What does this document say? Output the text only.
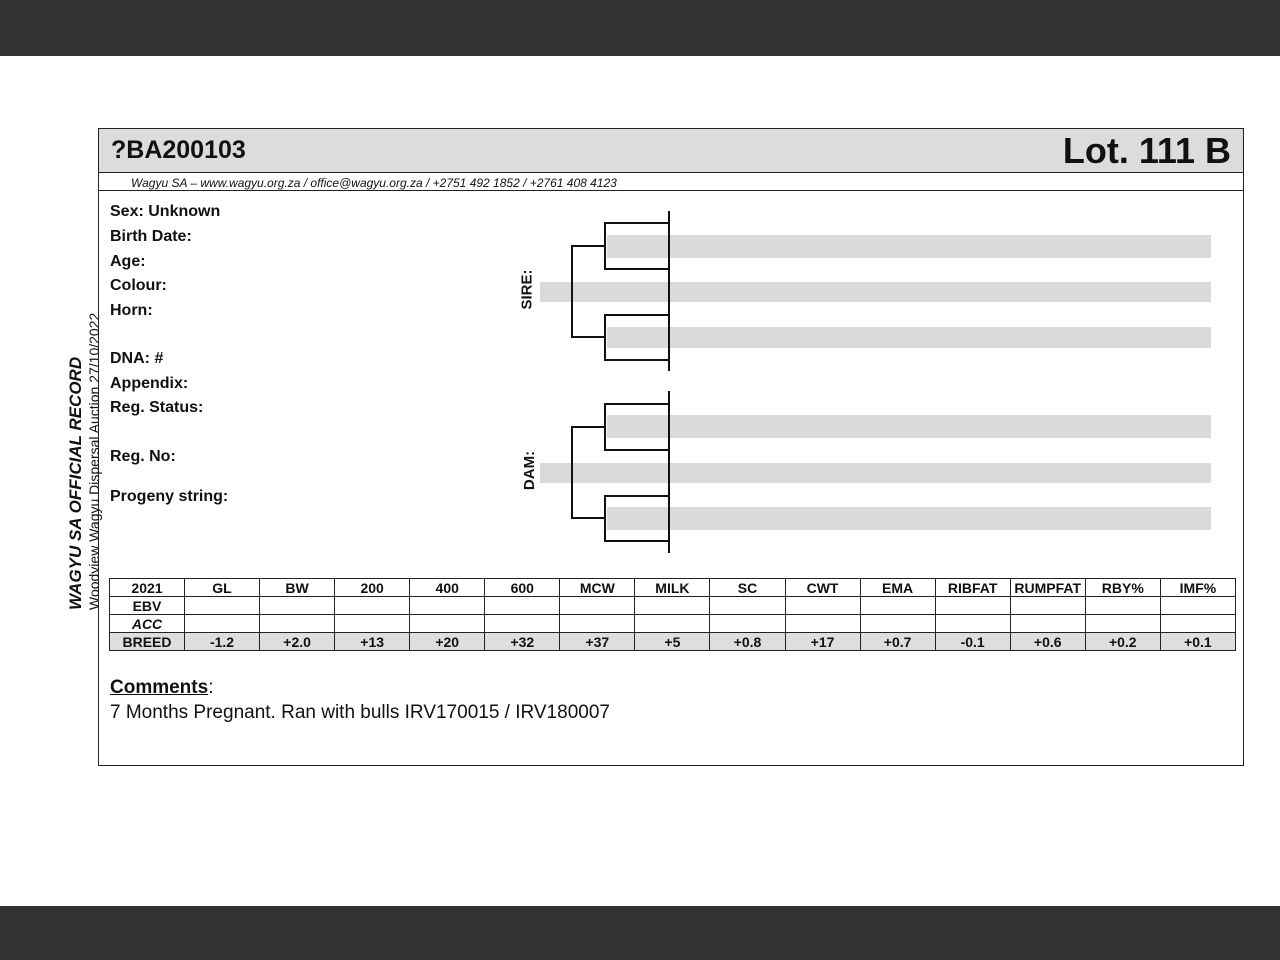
WAGYU SA OFFICIAL RECORD Woodview Wagyu Dispersal Auction 27/10/2022
?BA200103	Lot. 111 B
Wagyu SA – www.wagyu.org.za / office@wagyu.org.za / +2751 492 1852 / +2761 408 4123
Sex: Unknown
Birth Date:
Age:
Colour:
Horn:
DNA: #
Appendix:
Reg. Status:
Reg. No:
Progeny string:
SIRE:
DAM:
2021	GL	BW	200	400	600	MCW	MILK	SC	CWT	EMA	RIBFAT	RUMPFAT	RBY%	IMF%
EBV														
ACC														
BREED	-1.2	+2.0	+13	+20	+32	+37	+5	+0.8	+17	+0.7	-0.1	+0.6	+0.2	+0.1
Comments:
7 Months Pregnant. Ran with bulls IRV170015 / IRV180007
